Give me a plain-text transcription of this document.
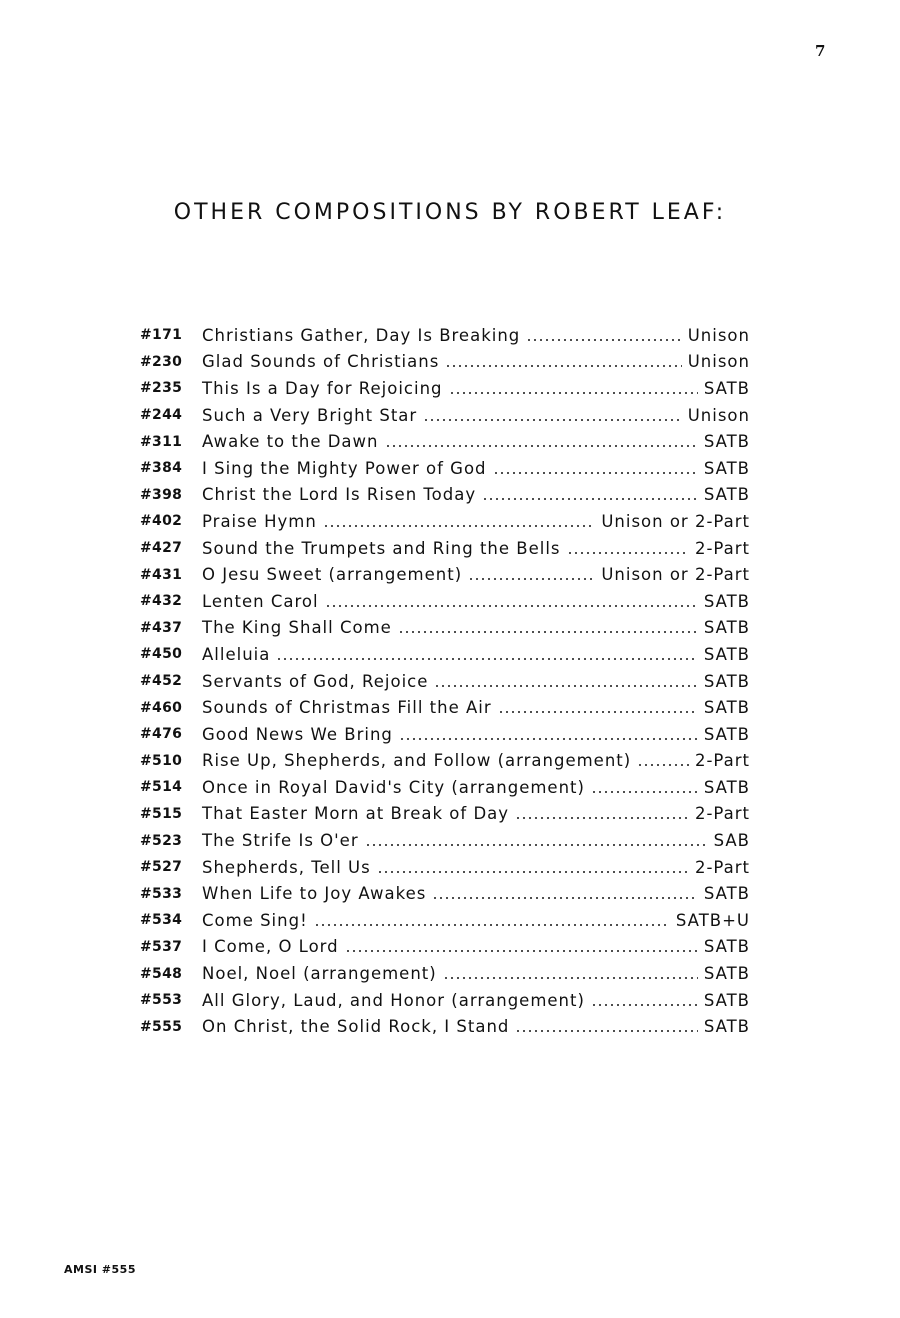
7
OTHER COMPOSITIONS BY ROBERT LEAF:
#171	Christians Gather, Day Is Breaking	Unison
#230	Glad Sounds of Christians	Unison
#235	This Is a Day for Rejoicing	SATB
#244	Such a Very Bright Star	Unison
#311	Awake to the Dawn	SATB
#384	I Sing the Mighty Power of God	SATB
#398	Christ the Lord Is Risen Today	SATB
#402	Praise Hymn	Unison or 2-Part
#427	Sound the Trumpets and Ring the Bells	2-Part
#431	O Jesu Sweet (arrangement)	Unison or 2-Part
#432	Lenten Carol	SATB
#437	The King Shall Come	SATB
#450	Alleluia	SATB
#452	Servants of God, Rejoice	SATB
#460	Sounds of Christmas Fill the Air	SATB
#476	Good News We Bring	SATB
#510	Rise Up, Shepherds, and Follow (arrangement)	2-Part
#514	Once in Royal David's City (arrangement)	SATB
#515	That Easter Morn at Break of Day	2-Part
#523	The Strife Is O'er	SAB
#527	Shepherds, Tell Us	2-Part
#533	When Life to Joy Awakes	SATB
#534	Come Sing!	SATB+U
#537	I Come, O Lord	SATB
#548	Noel, Noel (arrangement)	SATB
#553	All Glory, Laud, and Honor (arrangement)	SATB
#555	On Christ, the Solid Rock, I Stand	SATB
AMSI #555
